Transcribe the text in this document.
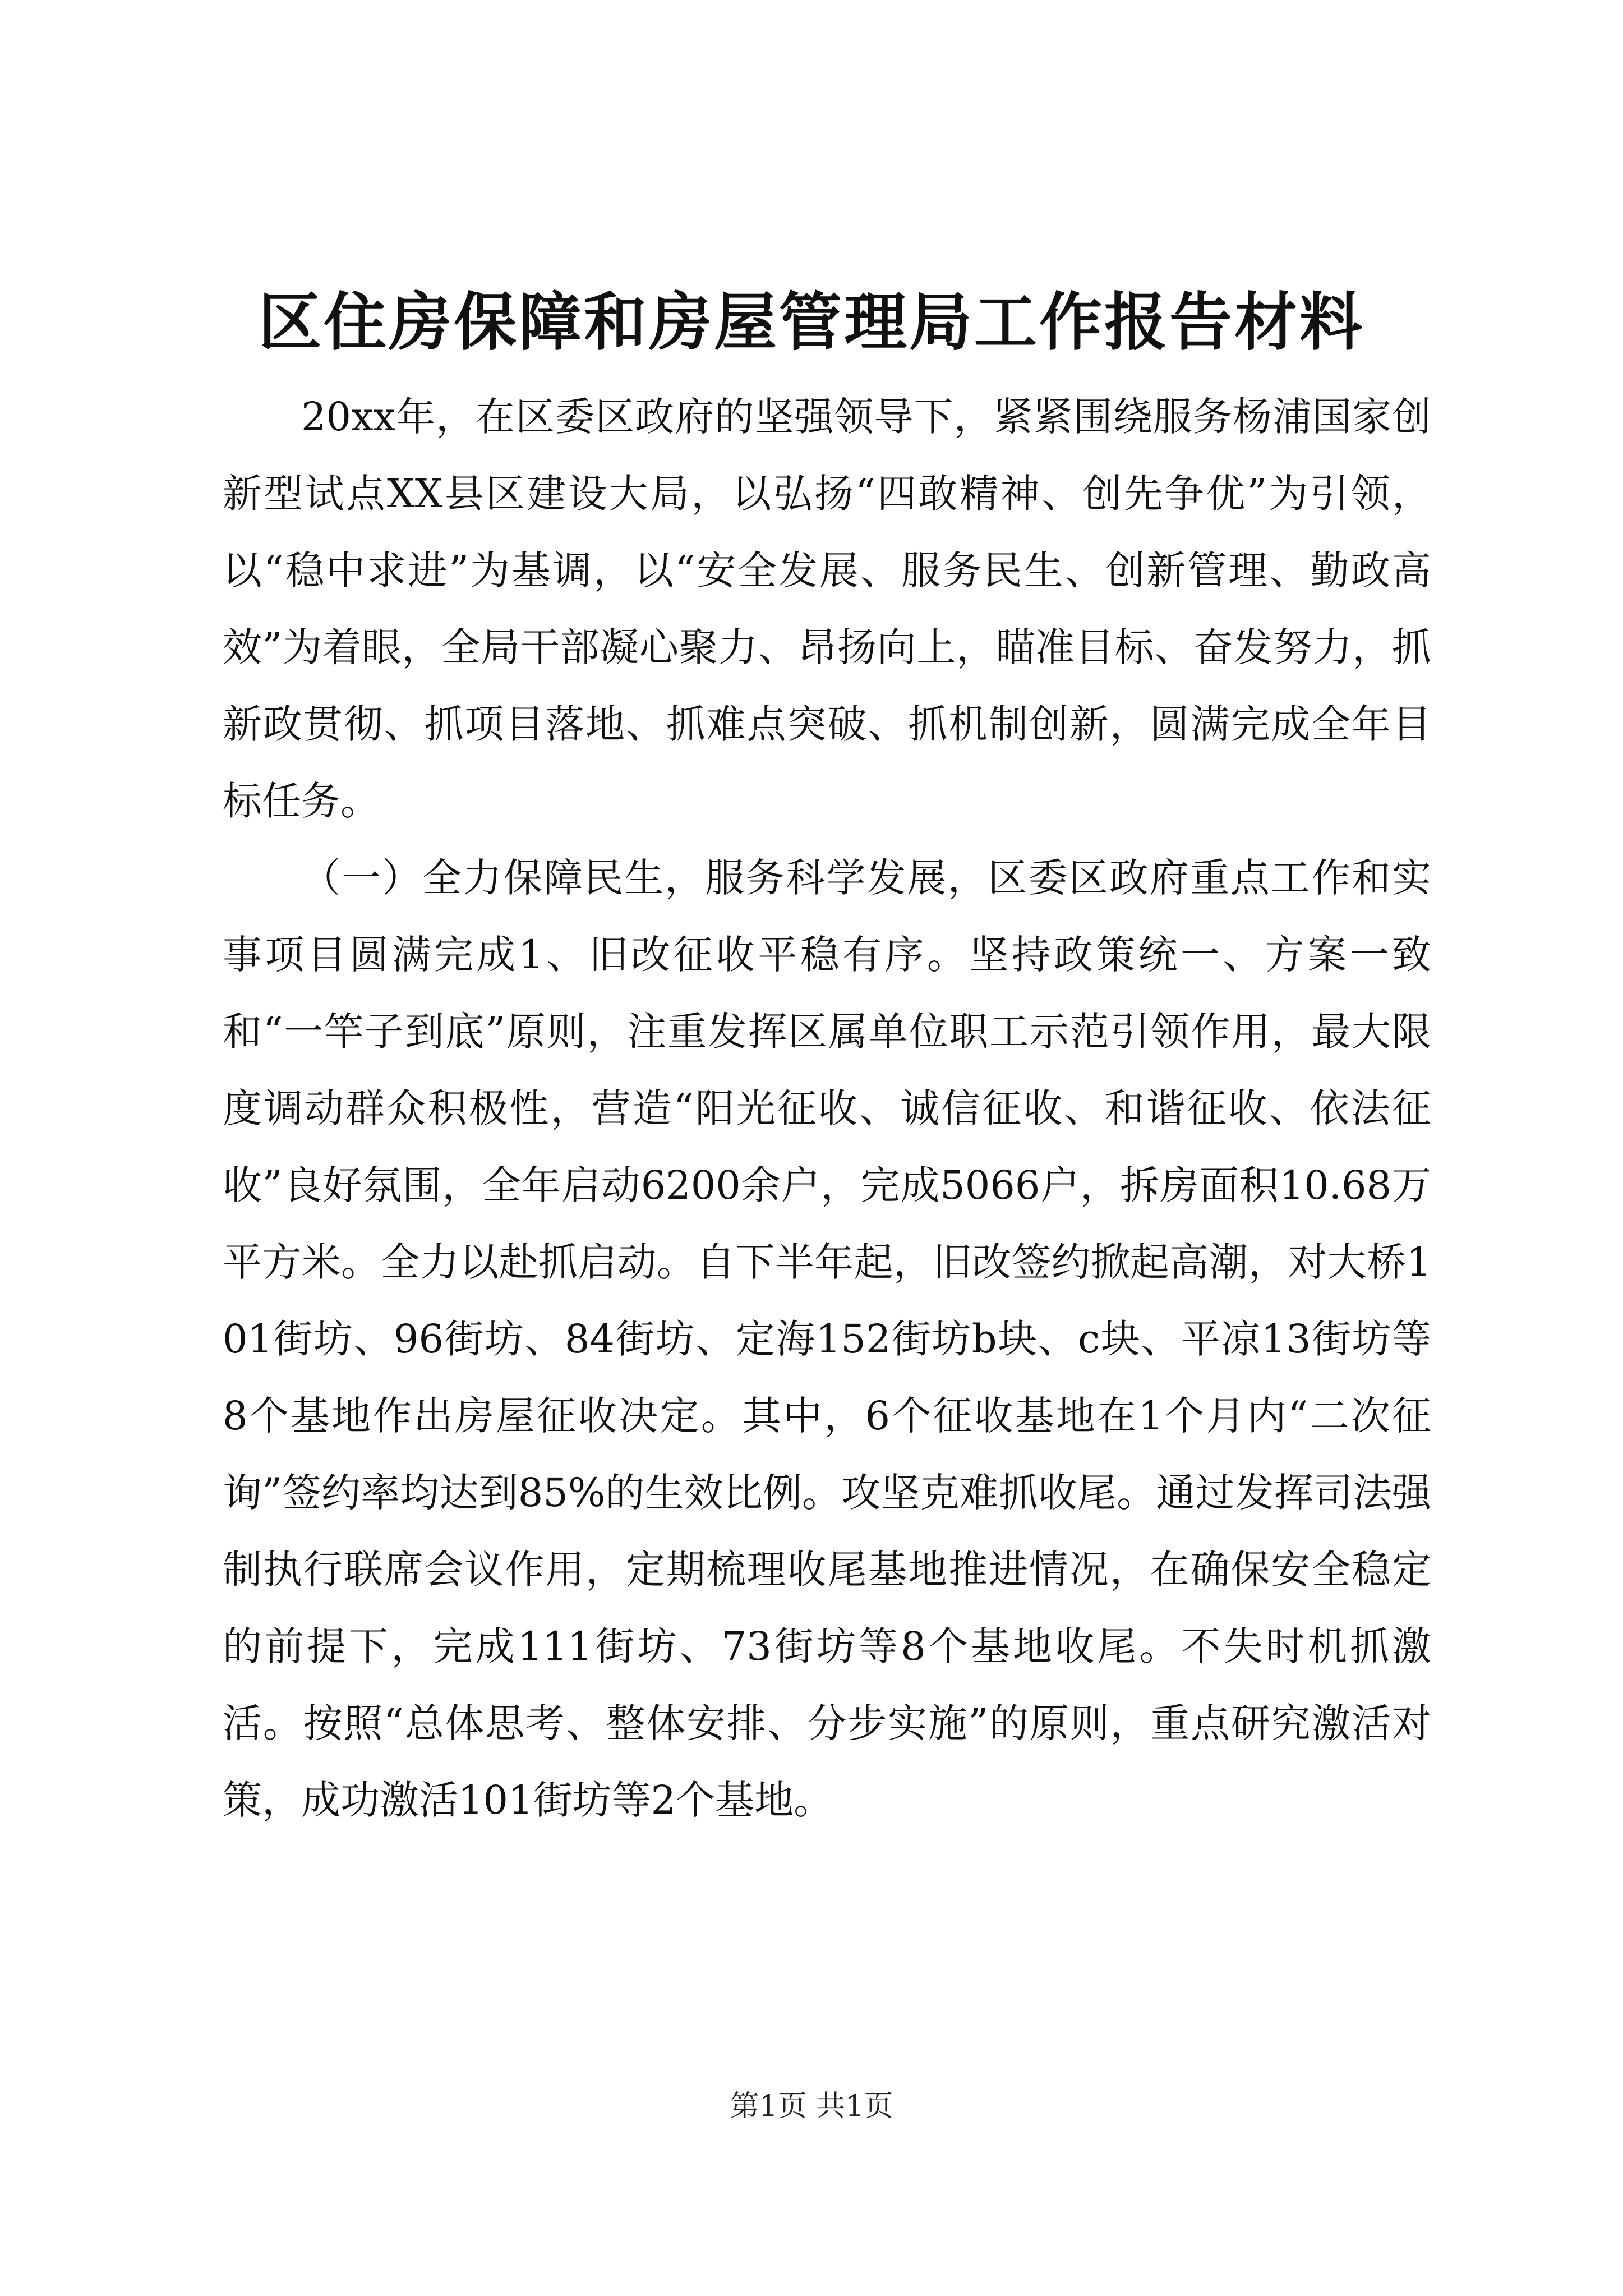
区住房保障和房屋管理局工作报告材料

20xx年，在区委区政府的坚强领导下，紧紧围绕服务杨浦国家创新型试点XX县区建设大局，以弘扬“四敢精神、创先争优”为引领，以“稳中求进”为基调，以“安全发展、服务民生、创新管理、勤政高效”为着眼，全局干部凝心聚力、昂扬向上，瞄准目标、奋发努力，抓新政贯彻、抓项目落地、抓难点突破、抓机制创新，圆满完成全年目标任务。

（一）全力保障民生，服务科学发展，区委区政府重点工作和实事项目圆满完成1、旧改征收平稳有序。坚持政策统一、方案一致和“一竿子到底”原则，注重发挥区属单位职工示范引领作用，最大限度调动群众积极性，营造“阳光征收、诚信征收、和谐征收、依法征收”良好氛围，全年启动6200余户，完成5066户，拆房面积10.68万平方米。全力以赴抓启动。自下半年起，旧改签约掀起高潮，对大桥101街坊、96街坊、84街坊、定海152街坊b块、c块、平凉13街坊等8个基地作出房屋征收决定。其中，6个征收基地在1个月内“二次征询”签约率均达到85%的生效比例。攻坚克难抓收尾。通过发挥司法强制执行联席会议作用，定期梳理收尾基地推进情况，在确保安全稳定的前提下，完成111街坊、73街坊等8个基地收尾。不失时机抓激活。按照“总体思考、整体安排、分步实施”的原则，重点研究激活对策，成功激活101街坊等2个基地。

第1页 共1页
